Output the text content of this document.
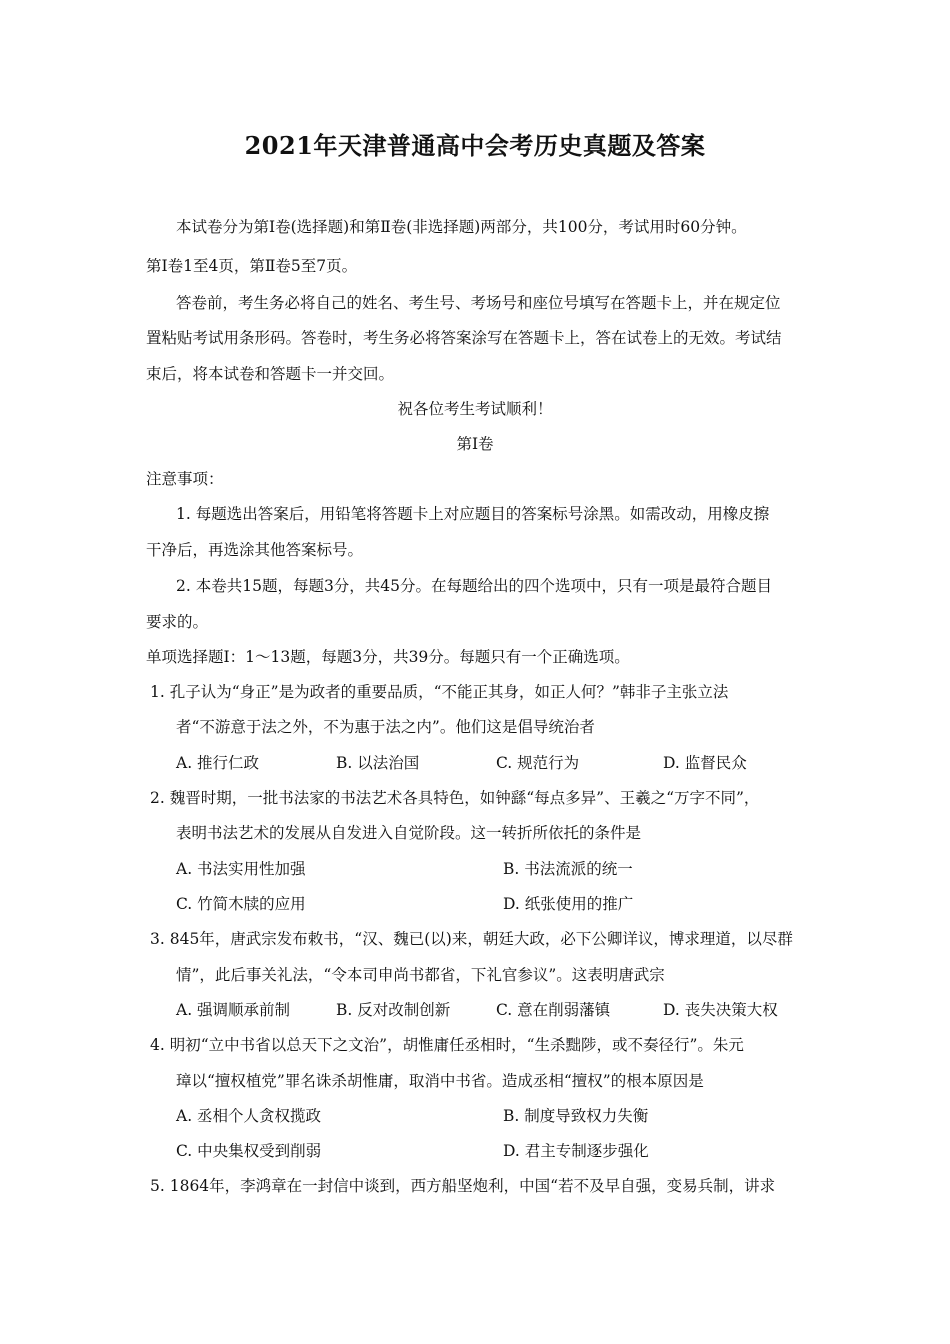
2021年天津普通高中会考历史真题及答案
本试卷分为第Ⅰ卷(选择题)和第Ⅱ卷(非选择题)两部分，共100分，考试用时60分钟。
第Ⅰ卷1至4页，第Ⅱ卷5至7页。
答卷前，考生务必将自己的姓名、考生号、考场号和座位号填写在答题卡上，并在规定位
置粘贴考试用条形码。答卷时，考生务必将答案涂写在答题卡上，答在试卷上的无效。考试结
束后，将本试卷和答题卡一并交回。
祝各位考生考试顺利！
第Ⅰ卷
注意事项：
1. 每题选出答案后，用铅笔将答题卡上对应题目的答案标号涂黑。如需改动，用橡皮擦
干净后，再选涂其他答案标号。
2. 本卷共15题，每题3分，共45分。在每题给出的四个选项中，只有一项是最符合题目
要求的。
单项选择题Ⅰ：1～13题，每题3分，共39分。每题只有一个正确选项。
1. 孔子认为“身正”是为政者的重要品质，“不能正其身，如正人何？”韩非子主张立法
者“不游意于法之外，不为惠于法之内”。他们这是倡导统治者
A. 推行仁政	B. 以法治国	C. 规范行为	D. 监督民众
2. 魏晋时期，一批书法家的书法艺术各具特色，如钟繇“每点多异”、王羲之“万字不同”，
表明书法艺术的发展从自发进入自觉阶段。这一转折所依托的条件是
A. 书法实用性加强	B. 书法流派的统一
C. 竹简木牍的应用	D. 纸张使用的推广
3. 845年，唐武宗发布敕书，“汉、魏已(以)来，朝廷大政，必下公卿详议，博求理道，以尽群
情”，此后事关礼法，“令本司申尚书都省，下礼官参议”。这表明唐武宗
A. 强调顺承前制	B. 反对改制创新	C. 意在削弱藩镇	D. 丧失决策大权
4. 明初“立中书省以总天下之文治”，胡惟庸任丞相时，“生杀黜陟，或不奏径行”。朱元
璋以“擅权植党”罪名诛杀胡惟庸，取消中书省。造成丞相“擅权”的根本原因是
A. 丞相个人贪权揽政	B. 制度导致权力失衡
C. 中央集权受到削弱	D. 君主专制逐步强化
5. 1864年，李鸿章在一封信中谈到，西方船坚炮利，中国“若不及早自强，变易兵制，讲求
